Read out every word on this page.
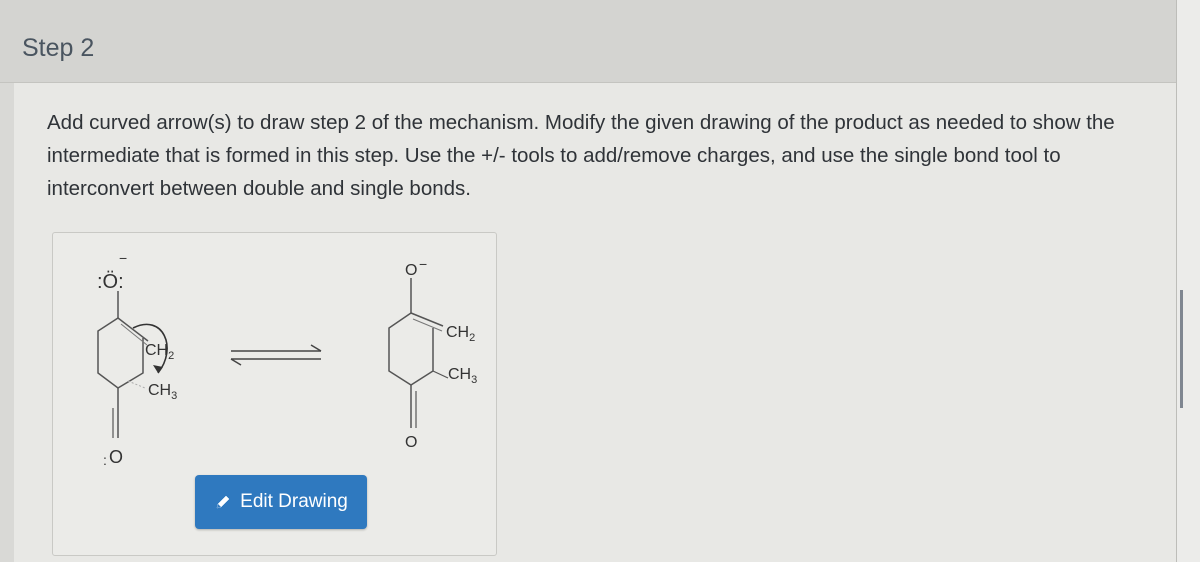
Step 2
Add curved arrow(s) to draw step 2 of the mechanism. Modify the given drawing of the product as needed to show the intermediate that is formed in this step. Use the +/- tools to add/remove charges, and use the single bond tool to interconvert between double and single bonds.
:Ö:
−
$CH_2$
$CH_3$
O
:
O −
$CH_2$
$CH_3$
O
Edit Drawing
